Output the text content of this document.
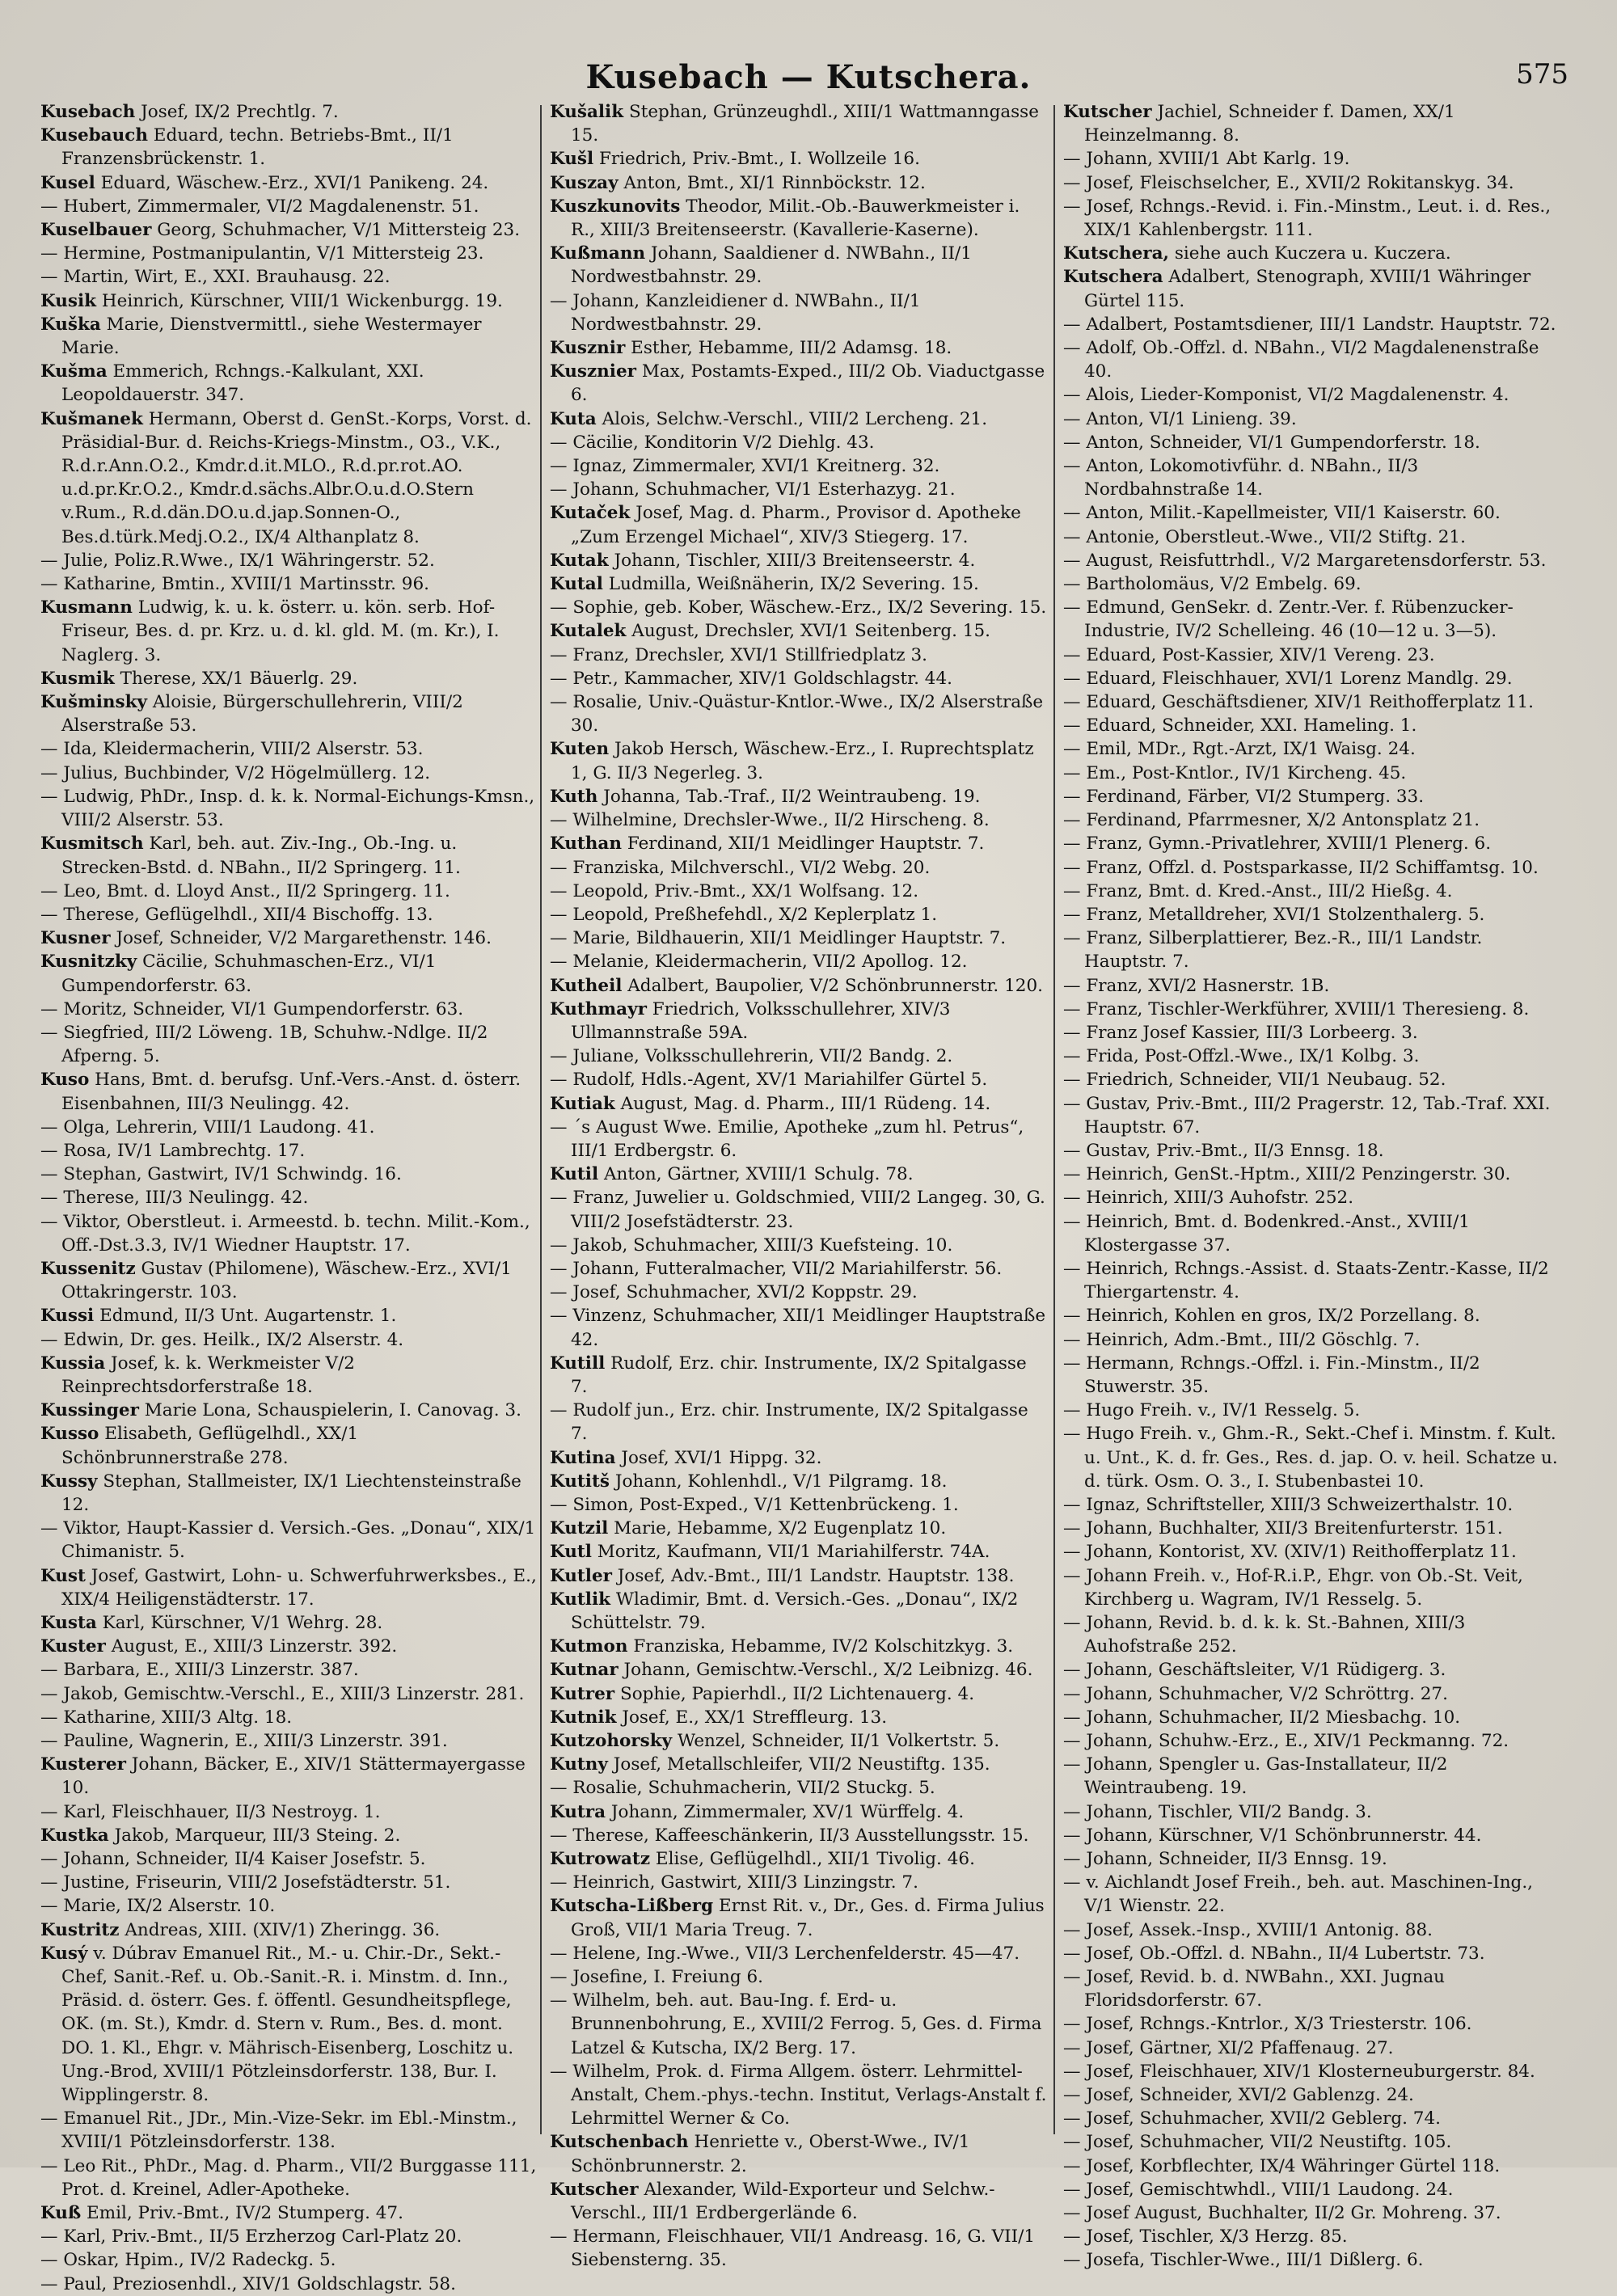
Kusebach — Kutschera.	575

Kusebach Josef, IX/2 Prechtlg. 7.

Kusebauch Eduard, techn. Betriebs-Bmt., II/1 Franzensbrückenstr. 1.

Kusel Eduard, Wäschew.-Erz., XVI/1 Panikeng. 24.

— Hubert, Zimmermaler, VI/2 Magdalenenstr. 51.

Kuselbauer Georg, Schuhmacher, V/1 Mittersteig 23.

— Hermine, Postmanipulantin, V/1 Mittersteig 23.

— Martin, Wirt, E., XXI. Brauhausg. 22.

Kusik Heinrich, Kürschner, VIII/1 Wickenburgg. 19.

Kuška Marie, Dienstvermittl., siehe Westermayer Marie.

Kušma Emmerich, Rchngs.-Kalkulant, XXI. Leopoldauerstr. 347.

Kušmanek Hermann, Oberst d. GenSt.-Korps, Vorst. d. Präsidial-Bur. d. Reichs-Kriegs-Minstm., O3., V.K., R.d.r.Ann.O.2., Kmdr.d.it.MLO., R.d.pr.rot.AO. u.d.pr.Kr.O.2., Kmdr.d.sächs.Albr.O.u.d.O.Stern v.Rum., R.d.dän.DO.u.d.jap.Sonnen-O., Bes.d.türk.Medj.O.2., IX/4 Althanplatz 8.

— Julie, Poliz.R.Wwe., IX/1 Währingerstr. 52.

— Katharine, Bmtin., XVIII/1 Martinsstr. 96.

Kusmann Ludwig, k. u. k. österr. u. kön. serb. Hof-Friseur, Bes. d. pr. Krz. u. d. kl. gld. M. (m. Kr.), I. Naglerg. 3.

Kusmik Therese, XX/1 Bäuerlg. 29.

Kušminsky Aloisie, Bürgerschullehrerin, VIII/2 Alserstraße 53.

— Ida, Kleidermacherin, VIII/2 Alserstr. 53.

— Julius, Buchbinder, V/2 Högelmüllerg. 12.

— Ludwig, PhDr., Insp. d. k. k. Normal-Eichungs-Kmsn., VIII/2 Alserstr. 53.

Kusmitsch Karl, beh. aut. Ziv.-Ing., Ob.-Ing. u. Strecken-Bstd. d. NBahn., II/2 Springerg. 11.

— Leo, Bmt. d. Lloyd Anst., II/2 Springerg. 11.

— Therese, Geflügelhdl., XII/4 Bischoffg. 13.

Kusner Josef, Schneider, V/2 Margarethenstr. 146.

Kusnitzky Cäcilie, Schuhmaschen-Erz., VI/1 Gumpendorferstr. 63.

— Moritz, Schneider, VI/1 Gumpendorferstr. 63.

— Siegfried, III/2 Löweng. 1B, Schuhw.-Ndlge. II/2 Afperng. 5.

Kuso Hans, Bmt. d. berufsg. Unf.-Vers.-Anst. d. österr. Eisenbahnen, III/3 Neulingg. 42.

— Olga, Lehrerin, VIII/1 Laudong. 41.

— Rosa, IV/1 Lambrechtg. 17.

— Stephan, Gastwirt, IV/1 Schwindg. 16.

— Therese, III/3 Neulingg. 42.

— Viktor, Oberstleut. i. Armeestd. b. techn. Milit.-Kom., Off.-Dst.3.3, IV/1 Wiedner Hauptstr. 17.

Kussenitz Gustav (Philomene), Wäschew.-Erz., XVI/1 Ottakringerstr. 103.

Kussi Edmund, II/3 Unt. Augartenstr. 1.

— Edwin, Dr. ges. Heilk., IX/2 Alserstr. 4.

Kussia Josef, k. k. Werkmeister V/2 Reinprechtsdorferstraße 18.

Kussinger Marie Lona, Schauspielerin, I. Canovag. 3.

Kusso Elisabeth, Geflügelhdl., XX/1 Schönbrunnerstraße 278.

Kussy Stephan, Stallmeister, IX/1 Liechtensteinstraße 12.

— Viktor, Haupt-Kassier d. Versich.-Ges. „Donau“, XIX/1 Chimanistr. 5.

Kust Josef, Gastwirt, Lohn- u. Schwerfuhrwerksbes., E., XIX/4 Heiligenstädterstr. 17.

Kusta Karl, Kürschner, V/1 Wehrg. 28.

Kuster August, E., XIII/3 Linzerstr. 392.

— Barbara, E., XIII/3 Linzerstr. 387.

— Jakob, Gemischtw.-Verschl., E., XIII/3 Linzerstr. 281.

— Katharine, XIII/3 Altg. 18.

— Pauline, Wagnerin, E., XIII/3 Linzerstr. 391.

Kusterer Johann, Bäcker, E., XIV/1 Stättermayergasse 10.

— Karl, Fleischhauer, II/3 Nestroyg. 1.

Kustka Jakob, Marqueur, III/3 Steing. 2.

— Johann, Schneider, II/4 Kaiser Josefstr. 5.

— Justine, Friseurin, VIII/2 Josefstädterstr. 51.

— Marie, IX/2 Alserstr. 10.

Kustritz Andreas, XIII. (XIV/1) Zheringg. 36.

Kusý v. Dúbrav Emanuel Rit., M.- u. Chir.-Dr., Sekt.-Chef, Sanit.-Ref. u. Ob.-Sanit.-R. i. Minstm. d. Inn., Präsid. d. österr. Ges. f. öffentl. Gesundheitspflege, OK. (m. St.), Kmdr. d. Stern v. Rum., Bes. d. mont. DO. 1. Kl., Ehgr. v. Mährisch-Eisenberg, Loschitz u. Ung.-Brod, XVIII/1 Pötzleinsdorferstr. 138, Bur. I. Wipplingerstr. 8.

— Emanuel Rit., JDr., Min.-Vize-Sekr. im Ebl.-Minstm., XVIII/1 Pötzleinsdorferstr. 138.

— Leo Rit., PhDr., Mag. d. Pharm., VII/2 Burggasse 111, Prot. d. Kreinel, Adler-Apotheke.

Kuß Emil, Priv.-Bmt., IV/2 Stumperg. 47.

— Karl, Priv.-Bmt., II/5 Erzherzog Carl-Platz 20.

— Oskar, Hpim., IV/2 Radeckg. 5.

— Paul, Preziosenhdl., XIV/1 Goldschlagstr. 58.

Kušalik Stephan, Grünzeughdl., XIII/1 Wattmanngasse 15.

Kušl Friedrich, Priv.-Bmt., I. Wollzeile 16.

Kuszay Anton, Bmt., XI/1 Rinnböckstr. 12.

Kuszkunovits Theodor, Milit.-Ob.-Bauwerkmeister i. R., XIII/3 Breitenseerstr. (Kavallerie-Kaserne).

Kußmann Johann, Saaldiener d. NWBahn., II/1 Nordwestbahnstr. 29.

— Johann, Kanzleidiener d. NWBahn., II/1 Nordwestbahnstr. 29.

Kusznir Esther, Hebamme, III/2 Adamsg. 18.

Kusznier Max, Postamts-Exped., III/2 Ob. Viaductgasse 6.

Kuta Alois, Selchw.-Verschl., VIII/2 Lercheng. 21.

— Cäcilie, Konditorin V/2 Diehlg. 43.

— Ignaz, Zimmermaler, XVI/1 Kreitnerg. 32.

— Johann, Schuhmacher, VI/1 Esterhazyg. 21.

Kutaček Josef, Mag. d. Pharm., Provisor d. Apotheke „Zum Erzengel Michael“, XIV/3 Stiegerg. 17.

Kutak Johann, Tischler, XIII/3 Breitenseerstr. 4.

Kutal Ludmilla, Weißnäherin, IX/2 Severing. 15.

— Sophie, geb. Kober, Wäschew.-Erz., IX/2 Severing. 15.

Kutalek August, Drechsler, XVI/1 Seitenberg. 15.

— Franz, Drechsler, XVI/1 Stillfriedplatz 3.

— Petr., Kammacher, XIV/1 Goldschlagstr. 44.

— Rosalie, Univ.-Quästur-Kntlor.-Wwe., IX/2 Alserstraße 30.

Kuten Jakob Hersch, Wäschew.-Erz., I. Ruprechtsplatz 1, G. II/3 Negerleg. 3.

Kuth Johanna, Tab.-Traf., II/2 Weintraubeng. 19.

— Wilhelmine, Drechsler-Wwe., II/2 Hirscheng. 8.

Kuthan Ferdinand, XII/1 Meidlinger Hauptstr. 7.

— Franziska, Milchverschl., VI/2 Webg. 20.

— Leopold, Priv.-Bmt., XX/1 Wolfsang. 12.

— Leopold, Preßhefehdl., X/2 Keplerplatz 1.

— Marie, Bildhauerin, XII/1 Meidlinger Hauptstr. 7.

— Melanie, Kleidermacherin, VII/2 Apollog. 12.

Kutheil Adalbert, Baupolier, V/2 Schönbrunnerstr. 120.

Kuthmayr Friedrich, Volksschullehrer, XIV/3 Ullmannstraße 59A.

— Juliane, Volksschullehrerin, VII/2 Bandg. 2.

— Rudolf, Hdls.-Agent, XV/1 Mariahilfer Gürtel 5.

Kutiak August, Mag. d. Pharm., III/1 Rüdeng. 14.

— ´s August Wwe. Emilie, Apotheke „zum hl. Petrus“, III/1 Erdbergstr. 6.

Kutil Anton, Gärtner, XVIII/1 Schulg. 78.

— Franz, Juwelier u. Goldschmied, VIII/2 Langeg. 30, G. VIII/2 Josefstädterstr. 23.

— Jakob, Schuhmacher, XIII/3 Kuefsteing. 10.

— Johann, Futteralmacher, VII/2 Mariahilferstr. 56.

— Josef, Schuhmacher, XVI/2 Koppstr. 29.

— Vinzenz, Schuhmacher, XII/1 Meidlinger Hauptstraße 42.

Kutill Rudolf, Erz. chir. Instrumente, IX/2 Spitalgasse 7.

— Rudolf jun., Erz. chir. Instrumente, IX/2 Spitalgasse 7.

Kutina Josef, XVI/1 Hippg. 32.

Kutitš Johann, Kohlenhdl., V/1 Pilgramg. 18.

— Simon, Post-Exped., V/1 Kettenbrückeng. 1.

Kutzil Marie, Hebamme, X/2 Eugenplatz 10.

Kutl Moritz, Kaufmann, VII/1 Mariahilferstr. 74A.

Kutler Josef, Adv.-Bmt., III/1 Landstr. Hauptstr. 138.

Kutlik Wladimir, Bmt. d. Versich.-Ges. „Donau“, IX/2 Schüttelstr. 79.

Kutmon Franziska, Hebamme, IV/2 Kolschitzkyg. 3.

Kutnar Johann, Gemischtw.-Verschl., X/2 Leibnizg. 46.

Kutrer Sophie, Papierhdl., II/2 Lichtenauerg. 4.

Kutnik Josef, E., XX/1 Streffleurg. 13.

Kutzohorsky Wenzel, Schneider, II/1 Volkertstr. 5.

Kutny Josef, Metallschleifer, VII/2 Neustiftg. 135.

— Rosalie, Schuhmacherin, VII/2 Stuckg. 5.

Kutra Johann, Zimmermaler, XV/1 Würffelg. 4.

— Therese, Kaffeeschänkerin, II/3 Ausstellungsstr. 15.

Kutrowatz Elise, Geflügelhdl., XII/1 Tivolig. 46.

— Heinrich, Gastwirt, XIII/3 Linzingstr. 7.

Kutscha-Lißberg Ernst Rit. v., Dr., Ges. d. Firma Julius Groß, VII/1 Maria Treug. 7.

— Helene, Ing.-Wwe., VII/3 Lerchenfelderstr. 45—47.

— Josefine, I. Freiung 6.

— Wilhelm, beh. aut. Bau-Ing. f. Erd- u. Brunnenbohrung, E., XVIII/2 Ferrog. 5, Ges. d. Firma Latzel & Kutscha, IX/2 Berg. 17.

— Wilhelm, Prok. d. Firma Allgem. österr. Lehrmittel-Anstalt, Chem.-phys.-techn. Institut, Verlags-Anstalt f. Lehrmittel Werner & Co.

Kutschenbach Henriette v., Oberst-Wwe., IV/1 Schönbrunnerstr. 2.

Kutscher Alexander, Wild-Exporteur und Selchw.-Verschl., III/1 Erdbergerlände 6.

— Hermann, Fleischhauer, VII/1 Andreasg. 16, G. VII/1 Siebensterng. 35.

Kutscher Jachiel, Schneider f. Damen, XX/1 Heinzelmanng. 8.

— Johann, XVIII/1 Abt Karlg. 19.

— Josef, Fleischselcher, E., XVII/2 Rokitanskyg. 34.

— Josef, Rchngs.-Revid. i. Fin.-Minstm., Leut. i. d. Res., XIX/1 Kahlenbergstr. 111.

Kutschera, siehe auch Kuczera u. Kuczera.

Kutschera Adalbert, Stenograph, XVIII/1 Währinger Gürtel 115.

— Adalbert, Postamtsdiener, III/1 Landstr. Hauptstr. 72.

— Adolf, Ob.-Offzl. d. NBahn., VI/2 Magdalenenstraße 40.

— Alois, Lieder-Komponist, VI/2 Magdalenenstr. 4.

— Anton, VI/1 Linieng. 39.

— Anton, Schneider, VI/1 Gumpendorferstr. 18.

— Anton, Lokomotivführ. d. NBahn., II/3 Nordbahnstraße 14.

— Anton, Milit.-Kapellmeister, VII/1 Kaiserstr. 60.

— Antonie, Oberstleut.-Wwe., VII/2 Stiftg. 21.

— August, Reisfuttrhdl., V/2 Margaretensdorferstr. 53.

— Bartholomäus, V/2 Embelg. 69.

— Edmund, GenSekr. d. Zentr.-Ver. f. Rübenzucker-Industrie, IV/2 Schelleing. 46 (10—12 u. 3—5).

— Eduard, Post-Kassier, XIV/1 Vereng. 23.

— Eduard, Fleischhauer, XVI/1 Lorenz Mandlg. 29.

— Eduard, Geschäftsdiener, XIV/1 Reithofferplatz 11.

— Eduard, Schneider, XXI. Hameling. 1.

— Emil, MDr., Rgt.-Arzt, IX/1 Waisg. 24.

— Em., Post-Kntlor., IV/1 Kircheng. 45.

— Ferdinand, Färber, VI/2 Stumperg. 33.

— Ferdinand, Pfarrmesner, X/2 Antonsplatz 21.

— Franz, Gymn.-Privatlehrer, XVIII/1 Plenerg. 6.

— Franz, Offzl. d. Postsparkasse, II/2 Schiffamtsg. 10.

— Franz, Bmt. d. Kred.-Anst., III/2 Hießg. 4.

— Franz, Metalldreher, XVI/1 Stolzenthalerg. 5.

— Franz, Silberplattierer, Bez.-R., III/1 Landstr. Hauptstr. 7.

— Franz, XVI/2 Hasnerstr. 1B.

— Franz, Tischler-Werkführer, XVIII/1 Theresieng. 8.

— Franz Josef Kassier, III/3 Lorbeerg. 3.

— Frida, Post-Offzl.-Wwe., IX/1 Kolbg. 3.

— Friedrich, Schneider, VII/1 Neubaug. 52.

— Gustav, Priv.-Bmt., III/2 Pragerstr. 12, Tab.-Traf. XXI. Hauptstr. 67.

— Gustav, Priv.-Bmt., II/3 Ennsg. 18.

— Heinrich, GenSt.-Hptm., XIII/2 Penzingerstr. 30.

— Heinrich, XIII/3 Auhofstr. 252.

— Heinrich, Bmt. d. Bodenkred.-Anst., XVIII/1 Klostergasse 37.

— Heinrich, Rchngs.-Assist. d. Staats-Zentr.-Kasse, II/2 Thiergartenstr. 4.

— Heinrich, Kohlen en gros, IX/2 Porzellang. 8.

— Heinrich, Adm.-Bmt., III/2 Göschlg. 7.

— Hermann, Rchngs.-Offzl. i. Fin.-Minstm., II/2 Stuwerstr. 35.

— Hugo Freih. v., IV/1 Resselg. 5.

— Hugo Freih. v., Ghm.-R., Sekt.-Chef i. Minstm. f. Kult. u. Unt., K. d. fr. Ges., Res. d. jap. O. v. heil. Schatze u. d. türk. Osm. O. 3., I. Stubenbastei 10.

— Ignaz, Schriftsteller, XIII/3 Schweizerthalstr. 10.

— Johann, Buchhalter, XII/3 Breitenfurterstr. 151.

— Johann, Kontorist, XV. (XIV/1) Reithofferplatz 11.

— Johann Freih. v., Hof-R.i.P., Ehgr. von Ob.-St. Veit, Kirchberg u. Wagram, IV/1 Resselg. 5.

— Johann, Revid. b. d. k. k. St.-Bahnen, XIII/3 Auhofstraße 252.

— Johann, Geschäftsleiter, V/1 Rüdigerg. 3.

— Johann, Schuhmacher, V/2 Schröttrg. 27.

— Johann, Schuhmacher, II/2 Miesbachg. 10.

— Johann, Schuhw.-Erz., E., XIV/1 Peckmanng. 72.

— Johann, Spengler u. Gas-Installateur, II/2 Weintraubeng. 19.

— Johann, Tischler, VII/2 Bandg. 3.

— Johann, Kürschner, V/1 Schönbrunnerstr. 44.

— Johann, Schneider, II/3 Ennsg. 19.

— v. Aichlandt Josef Freih., beh. aut. Maschinen-Ing., V/1 Wienstr. 22.

— Josef, Assek.-Insp., XVIII/1 Antonig. 88.

— Josef, Ob.-Offzl. d. NBahn., II/4 Lubertstr. 73.

— Josef, Revid. b. d. NWBahn., XXI. Jugnau Floridsdorferstr. 67.

— Josef, Rchngs.-Kntrlor., X/3 Triesterstr. 106.

— Josef, Gärtner, XI/2 Pfaffenaug. 27.

— Josef, Fleischhauer, XIV/1 Klosterneuburgerstr. 84.

— Josef, Schneider, XVI/2 Gablenzg. 24.

— Josef, Schuhmacher, XVII/2 Geblerg. 74.

— Josef, Schuhmacher, VII/2 Neustiftg. 105.

— Josef, Korbflechter, IX/4 Währinger Gürtel 118.

— Josef, Gemischtwhdl., VIII/1 Laudong. 24.

— Josef August, Buchhalter, II/2 Gr. Mohreng. 37.

— Josef, Tischler, X/3 Herzg. 85.

— Josefa, Tischler-Wwe., III/1 Dißlerg. 6.
